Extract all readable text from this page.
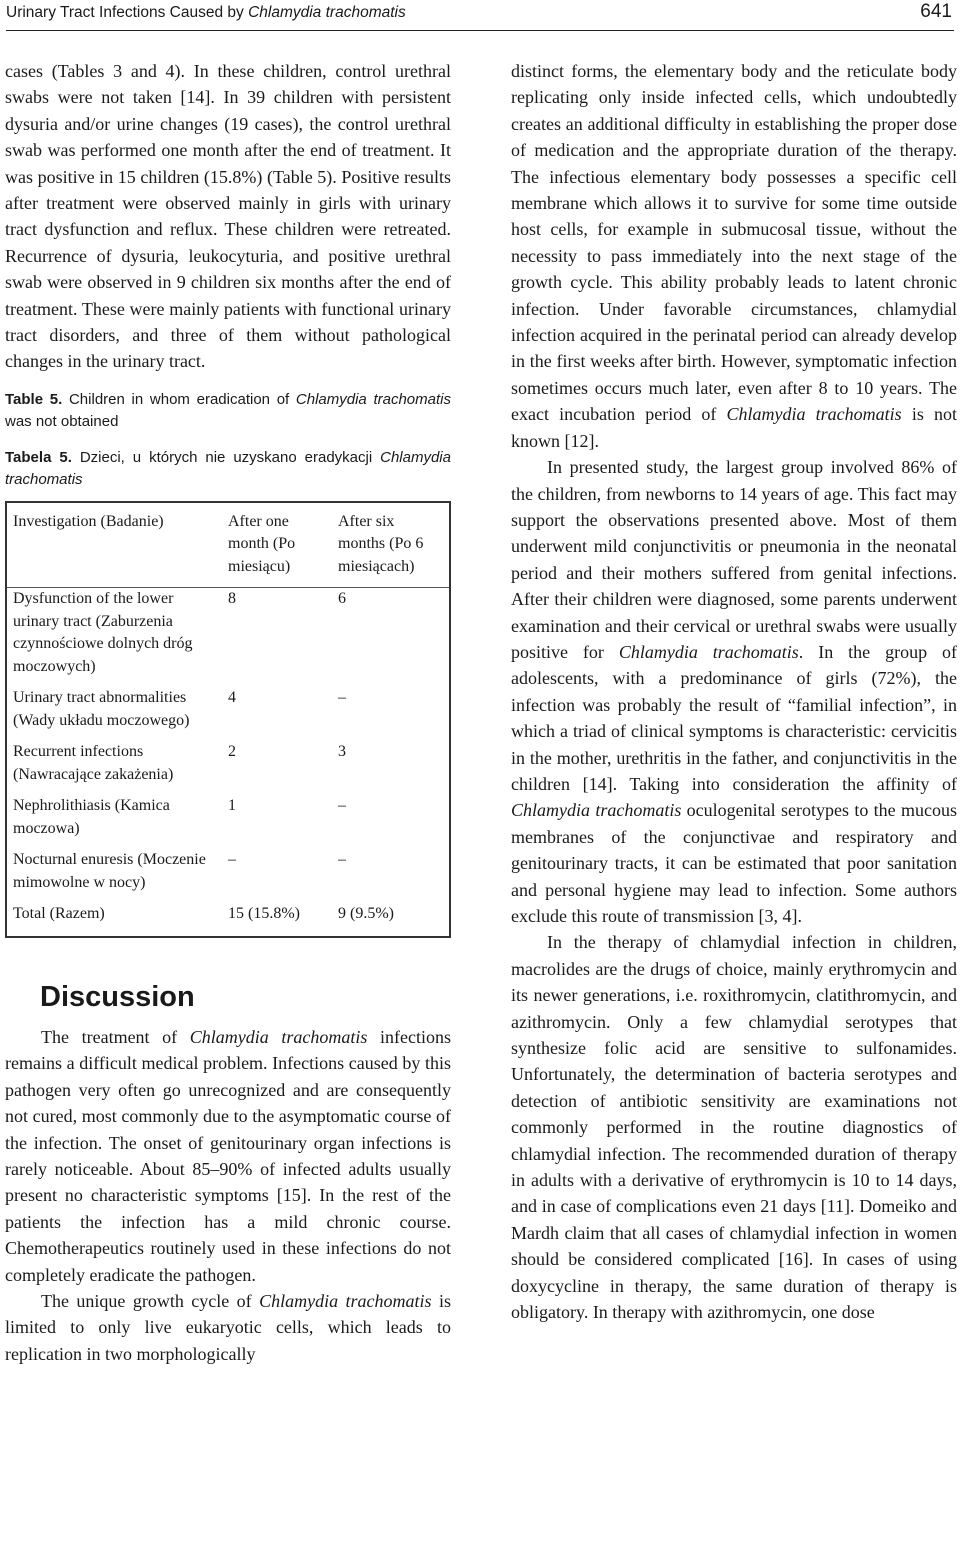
Urinary Tract Infections Caused by Chlamydia trachomatis	641

cases (Tables 3 and 4). In these children, control urethral swabs were not taken [14]. In 39 children with persistent dysuria and/or urine changes (19 cases), the control urethral swab was performed one month after the end of treatment. It was positive in 15 children (15.8%) (Table 5). Positive results after treatment were observed mainly in girls with urinary tract dysfunction and reflux. These children were retreated. Recurrence of dysuria, leukocyturia, and positive urethral swab were observed in 9 children six months after the end of treatment. These were mainly patients with functional urinary tract disorders, and three of them without pathological changes in the urinary tract.

Table 5. Children in whom eradication of Chlamydia trachomatis was not obtained

Tabela 5. Dzieci, u których nie uzyskano eradykacji Chlamydia trachomatis

Investigation (Badanie)	After one month (Po miesiącu)	After six months (Po 6 miesiącach)
Dysfunction of the lower urinary tract (Zaburzenia czynnościowe dolnych dróg moczowych)	8	6
Urinary tract abnormalities (Wady układu moczowego)	4	–
Recurrent infections (Nawracające zakażenia)	2	3
Nephrolithiasis (Kamica moczowa)	1	–
Nocturnal enuresis (Moczenie mimowolne w nocy)	–	–
Total (Razem)	15 (15.8%)	9 (9.5%)
Discussion

The treatment of Chlamydia trachomatis infections remains a difficult medical problem. Infections caused by this pathogen very often go unrecognized and are consequently not cured, most commonly due to the asymptomatic course of the infection. The onset of genitourinary organ infections is rarely noticeable. About 85–90% of infected adults usually present no characteristic symptoms [15]. In the rest of the patients the infection has a mild chronic course. Chemotherapeutics routinely used in these infections do not completely eradicate the pathogen.

The unique growth cycle of Chlamydia trachomatis is limited to only live eukaryotic cells, which leads to replication in two morphologically

distinct forms, the elementary body and the reticulate body replicating only inside infected cells, which undoubtedly creates an additional difficulty in establishing the proper dose of medication and the appropriate duration of the therapy. The infectious elementary body possesses a specific cell membrane which allows it to survive for some time outside host cells, for example in submucosal tissue, without the necessity to pass immediately into the next stage of the growth cycle. This ability probably leads to latent chronic infection. Under favorable circumstances, chlamydial infection acquired in the perinatal period can already develop in the first weeks after birth. However, symptomatic infection sometimes occurs much later, even after 8 to 10 years. The exact incubation period of Chlamydia trachomatis is not known [12].

In presented study, the largest group involved 86% of the children, from newborns to 14 years of age. This fact may support the observations presented above. Most of them underwent mild conjunctivitis or pneumonia in the neonatal period and their mothers suffered from genital infections. After their children were diagnosed, some parents underwent examination and their cervical or urethral swabs were usually positive for Chlamydia trachomatis. In the group of adolescents, with a predominance of girls (72%), the infection was probably the result of “familial infection”, in which a triad of clinical symptoms is characteristic: cervicitis in the mother, urethritis in the father, and conjunctivitis in the children [14]. Taking into consideration the affinity of Chlamydia trachomatis oculogenital serotypes to the mucous membranes of the conjunctivae and respiratory and genitourinary tracts, it can be estimated that poor sanitation and personal hygiene may lead to infection. Some authors exclude this route of transmission [3, 4].

In the therapy of chlamydial infection in children, macrolides are the drugs of choice, mainly erythromycin and its newer generations, i.e. roxithromycin, clatithromycin, and azithromycin. Only a few chlamydial serotypes that synthesize folic acid are sensitive to sulfonamides. Unfortunately, the determination of bacteria serotypes and detection of antibiotic sensitivity are examinations not commonly performed in the routine diagnostics of chlamydial infection. The recommended duration of therapy in adults with a derivative of erythromycin is 10 to 14 days, and in case of complications even 21 days [11]. Domeiko and Mardh claim that all cases of chlamydial infection in women should be considered complicated [16]. In cases of using doxycycline in therapy, the same duration of therapy is obligatory. In therapy with azithromycin, one dose
